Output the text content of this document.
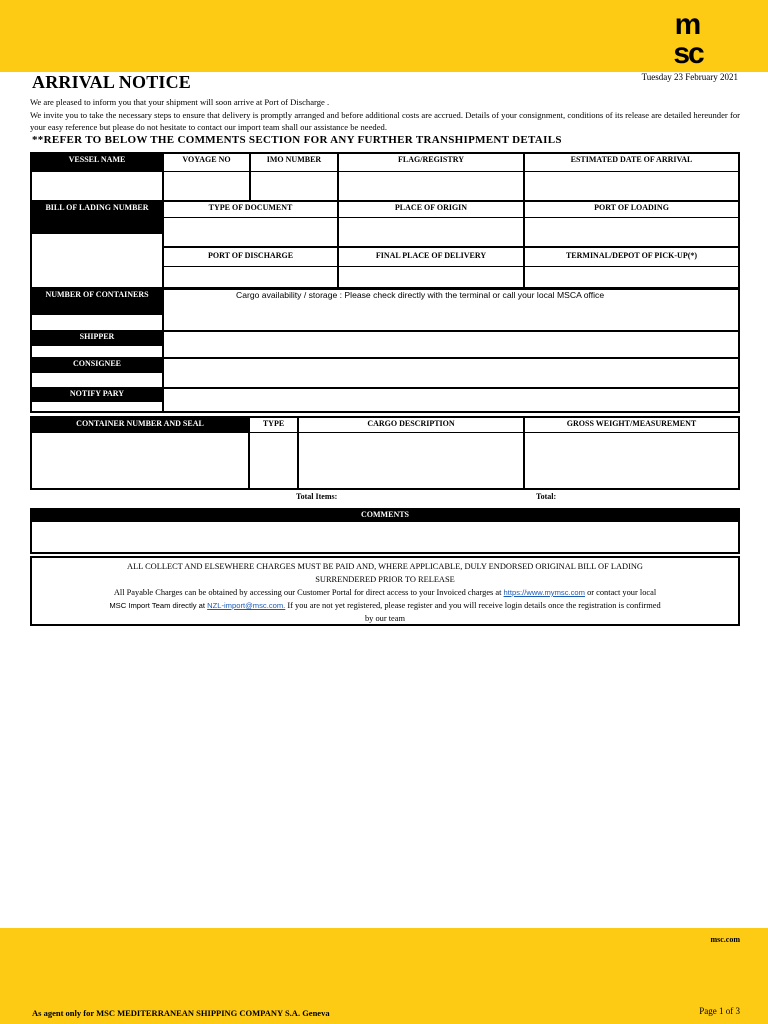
m
sc
ARRIVAL NOTICE	Tuesday 23 February 2021

We are pleased to inform you that your shipment will soon arrive at Port of Discharge .

We invite you to take the necessary steps to ensure that delivery is promptly arranged and before additional costs are accrued. Details of your consignment, conditions of its release are detailed hereunder for your easy reference but please do not hesitate to contact our import team shall our assistance be needed.

**REFER TO BELOW THE COMMENTS SECTION FOR ANY FURTHER TRANSHIPMENT DETAILS
VESSEL NAME	VOYAGE NO	IMO NUMBER	FLAG/REGISTRY	ESTIMATED DATE OF ARRIVAL
BILL OF LADING NUMBER	TYPE OF DOCUMENT	PLACE OF ORIGIN	PORT OF LOADING
PORT OF DISCHARGE	FINAL PLACE OF DELIVERY	TERMINAL/DEPOT OF PICK-UP(*)
NUMBER OF CONTAINERS	Cargo availability / storage : Please check directly with the terminal or call your local MSCA office
SHIPPER
CONSIGNEE
NOTIFY PARY
CONTAINER NUMBER AND SEAL	TYPE	CARGO DESCRIPTION	GROSS WEIGHT/MEASUREMENT
Total Items:	Total:
COMMENTS

ALL COLLECT AND ELSEWHERE CHARGES MUST BE PAID AND, WHERE APPLICABLE, DULY ENDORSED ORIGINAL BILL OF LADING

SURRENDERED PRIOR TO RELEASE

All Payable Charges can be obtained by accessing our Customer Portal for direct access to your Invoiced charges at https://www.mymsc.com or contact your local

MSC Import Team directly at NZL-import@msc.com. If you are not yet registered, please register and you will receive login details once the registration is confirmed

by our team

msc.com
As agent only for MSC MEDITERRANEAN SHIPPING COMPANY S.A. Geneva	Page 1 of 3
